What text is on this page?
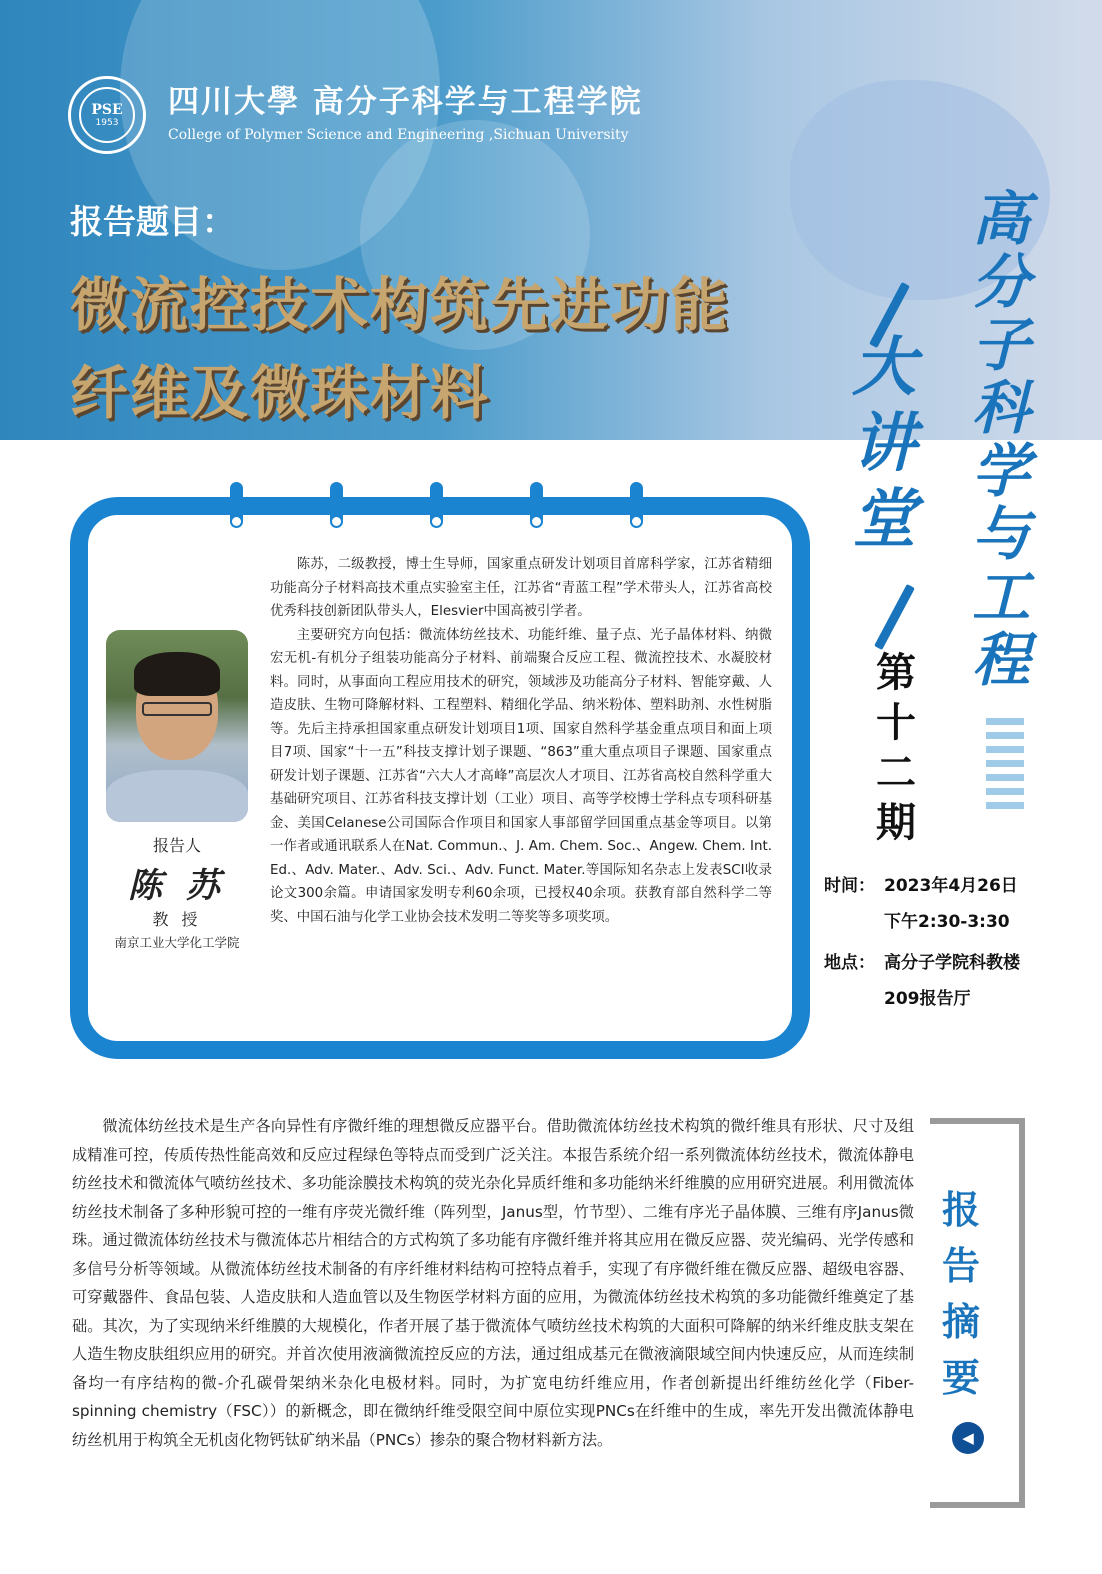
PSE
1953
四川大學 高分子科学与工程学院
College of Polymer Science and Engineering ,Sichuan University
报告题目：
微流控技术构筑先进功能
纤维及微珠材料
高
分
子
科
学
与
工
程
大
讲
堂
第
十
二
期
报告人
陈 苏
教 授
南京工业大学化工学院

陈苏，二级教授，博士生导师，国家重点研发计划项目首席科学家，江苏省精细功能高分子材料高技术重点实验室主任，江苏省“青蓝工程”学术带头人，江苏省高校优秀科技创新团队带头人，Elesvier中国高被引学者。

主要研究方向包括：微流体纺丝技术、功能纤维、量子点、光子晶体材料、纳微宏无机-有机分子组装功能高分子材料、前端聚合反应工程、微流控技术、水凝胶材料。同时，从事面向工程应用技术的研究，领域涉及功能高分子材料、智能穿戴、人造皮肤、生物可降解材料、工程塑料、精细化学品、纳米粉体、塑料助剂、水性树脂等。先后主持承担国家重点研发计划项目1项、国家自然科学基金重点项目和面上项目7项、国家“十一五”科技支撑计划子课题、“863”重大重点项目子课题、国家重点研发计划子课题、江苏省“六大人才高峰”高层次人才项目、江苏省高校自然科学重大基础研究项目、江苏省科技支撑计划（工业）项目、高等学校博士学科点专项科研基金、美国Celanese公司国际合作项目和国家人事部留学回国重点基金等项目。以第一作者或通讯联系人在Nat. Commun.、J. Am. Chem. Soc.、Angew. Chem. Int. Ed.、Adv. Mater.、Adv. Sci.、Adv. Funct. Mater.等国际知名杂志上发表SCI收录论文300余篇。申请国家发明专利60余项，已授权40余项。获教育部自然科学二等奖、中国石油与化学工业协会技术发明二等奖等多项奖项。

时间： 2023年4月26日
下午2:30-3:30
地点： 高分子学院科教楼
209报告厅

微流体纺丝技术是生产各向异性有序微纤维的理想微反应器平台。借助微流体纺丝技术构筑的微纤维具有形状、尺寸及组成精准可控，传质传热性能高效和反应过程绿色等特点而受到广泛关注。本报告系统介绍一系列微流体纺丝技术，微流体静电纺丝技术和微流体气喷纺丝技术、多功能涂膜技术构筑的荧光杂化异质纤维和多功能纳米纤维膜的应用研究进展。利用微流体纺丝技术制备了多种形貌可控的一维有序荧光微纤维（阵列型，Janus型，竹节型）、二维有序光子晶体膜、三维有序Janus微珠。通过微流体纺丝技术与微流体芯片相结合的方式构筑了多功能有序微纤维并将其应用在微反应器、荧光编码、光学传感和多信号分析等领域。从微流体纺丝技术制备的有序纤维材料结构可控特点着手，实现了有序微纤维在微反应器、超级电容器、可穿戴器件、食品包装、人造皮肤和人造血管以及生物医学材料方面的应用，为微流体纺丝技术构筑的多功能微纤维奠定了基础。其次，为了实现纳米纤维膜的大规模化，作者开展了基于微流体气喷纺丝技术构筑的大面积可降解的纳米纤维皮肤支架在人造生物皮肤组织应用的研究。并首次使用液滴微流控反应的方法，通过组成基元在微液滴限域空间内快速反应，从而连续制备均一有序结构的微-介孔碳骨架纳米杂化电极材料。同时，为扩宽电纺纤维应用，作者创新提出纤维纺丝化学（Fiber-spinning chemistry（FSC））的新概念，即在微纳纤维受限空间中原位实现PNCs在纤维中的生成，率先开发出微流体静电纺丝机用于构筑全无机卤化物钙钛矿纳米晶（PNCs）掺杂的聚合物材料新方法。

报
告
摘
要
◀
